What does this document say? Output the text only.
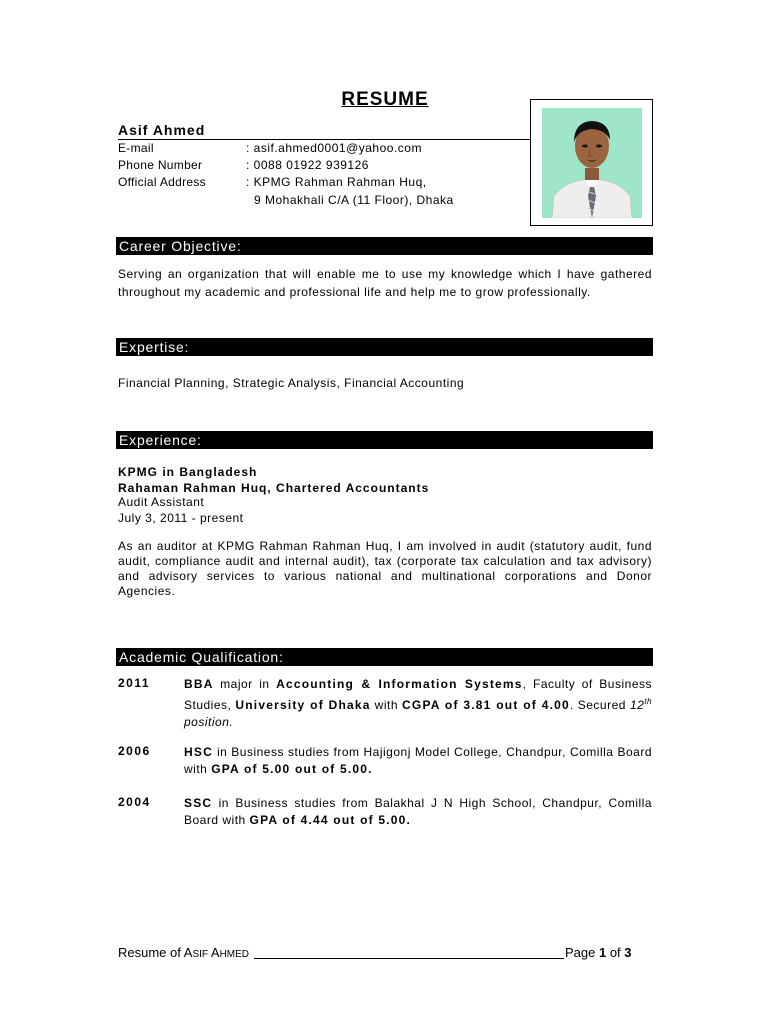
RESUME
Asif Ahmed
E-mail	: asif.ahmed0001@yahoo.com
Phone Number	: 0088 01922 939126
Official Address	: KPMG Rahman Rahman Huq,
9 Mohakhali C/A (11 Floor), Dhaka
Career Objective:
Serving an organization that will enable me to use my knowledge which I have gathered throughout my academic and professional life and help me to grow professionally.
Expertise:
Financial Planning, Strategic Analysis, Financial Accounting
Experience:
KPMG in Bangladesh
Rahaman Rahman Huq, Chartered Accountants
Audit Assistant
July 3, 2011 - present
As an auditor at KPMG Rahman Rahman Huq, I am involved in audit (statutory audit, fund audit, compliance audit and internal audit), tax (corporate tax calculation and tax advisory) and advisory services to various national and multinational corporations and Donor Agencies.
Academic Qualification:
2011	BBA major in Accounting & Information Systems, Faculty of Business Studies, University of Dhaka with CGPA of 3.81 out of 4.00. Secured 12th position.
2006	HSC in Business studies from Hajigonj Model College, Chandpur, Comilla Board with GPA of 5.00 out of 5.00.
2004	SSC in Business studies from Balakhal J N High School, Chandpur, Comilla Board with GPA of 4.44 out of 5.00.
Resume of ASIF AHMED	Page 1 of 3
